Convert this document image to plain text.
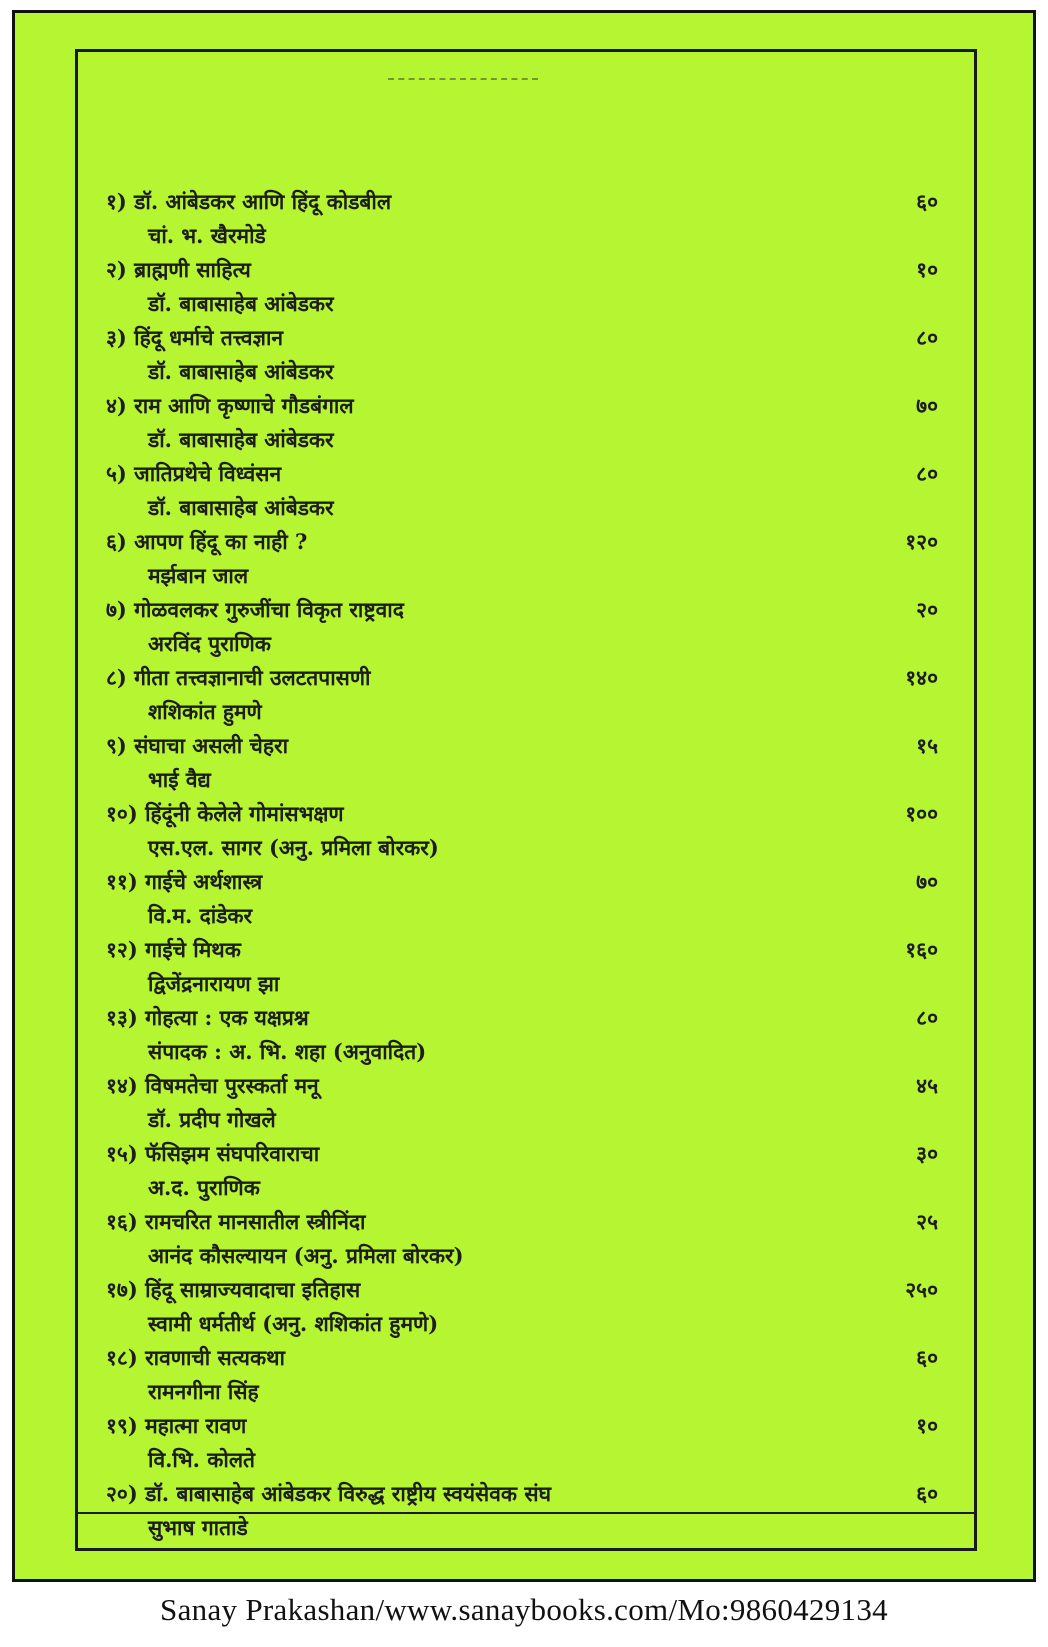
१) डॉ. आंबेडकर आणि हिंदू कोडबील
चां. भ. खैरमोडे
६०
२) ब्राह्मणी साहित्य
डॉ. बाबासाहेब आंबेडकर
१०
३) हिंदू धर्माचे तत्त्वज्ञान
डॉ. बाबासाहेब आंबेडकर
८०
४) राम आणि कृष्णाचे गौडबंगाल
डॉ. बाबासाहेब आंबेडकर
७०
५) जातिप्रथेचे विध्वंसन
डॉ. बाबासाहेब आंबेडकर
८०
६) आपण हिंदू का नाही ?
मर्झबान जाल
१२०
७) गोळवलकर गुरुजींचा विकृत राष्ट्रवाद
अरविंद पुराणिक
२०
८) गीता तत्त्वज्ञानाची उलटतपासणी
शशिकांत हुमणे
१४०
९) संघाचा असली चेहरा
भाई वैद्य
१५
१०) हिंदूंनी केलेले गोमांसभक्षण
एस.एल. सागर (अनु. प्रमिला बोरकर)
१००
११) गाईचे अर्थशास्त्र
वि.म. दांडेकर
७०
१२) गाईचे मिथक
द्विजेंद्रनारायण झा
१६०
१३) गोहत्या : एक यक्षप्रश्न
संपादक : अ. भि. शहा (अनुवादित)
८०
१४) विषमतेचा पुरस्कर्ता मनू
डॉ. प्रदीप गोखले
४५
१५) फॅसिझम संघपरिवाराचा
अ.द. पुराणिक
३०
१६) रामचरित मानसातील स्त्रीनिंदा
आनंद कौसल्यायन (अनु. प्रमिला बोरकर)
२५
१७) हिंदू साम्राज्यवादाचा इतिहास
स्वामी धर्मतीर्थ (अनु. शशिकांत हुमणे)
२५०
१८) रावणाची सत्यकथा
रामनगीना सिंह
६०
१९) महात्मा रावण
वि.भि. कोलते
१०
२०) डॉ. बाबासाहेब आंबेडकर विरुद्ध राष्ट्रीय स्वयंसेवक संघ
सुभाष गाताडे
६०
Sanay Prakashan/www.sanaybooks.com/Mo:9860429134
